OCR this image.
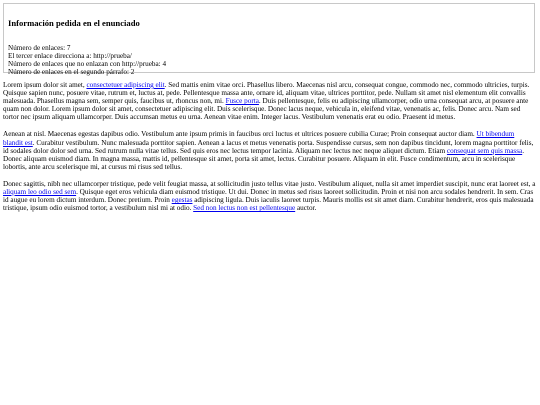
Información pedida en el enunciado
Número de enlaces: 7
El tercer enlace direcciona a: http://prueba/
Número de enlaces que no enlazan con http://prueba: 4
Número de enlaces en el segundo párrafo: 2

Lorem ipsum dolor sit amet, consectetuer adipiscing elit. Sed mattis enim vitae orci. Phasellus libero. Maecenas nisl arcu, consequat congue, commodo nec, commodo ultricies, turpis. Quisque sapien nunc, posuere vitae, rutrum et, luctus at, pede. Pellentesque massa ante, ornare id, aliquam vitae, ultrices porttitor, pede. Nullam sit amet nisl elementum elit convallis malesuada. Phasellus magna sem, semper quis, faucibus ut, rhoncus non, mi. Fusce porta. Duis pellentesque, felis eu adipiscing ullamcorper, odio urna consequat arcu, at posuere ante quam non dolor. Lorem ipsum dolor sit amet, consectetuer adipiscing elit. Duis scelerisque. Donec lacus neque, vehicula in, eleifend vitae, venenatis ac, felis. Donec arcu. Nam sed tortor nec ipsum aliquam ullamcorper. Duis accumsan metus eu urna. Aenean vitae enim. Integer lacus. Vestibulum venenatis erat eu odio. Praesent id metus.

Aenean at nisl. Maecenas egestas dapibus odio. Vestibulum ante ipsum primis in faucibus orci luctus et ultrices posuere cubilia Curae; Proin consequat auctor diam. Ut bibendum blandit est. Curabitur vestibulum. Nunc malesuada porttitor sapien. Aenean a lacus et metus venenatis porta. Suspendisse cursus, sem non dapibus tincidunt, lorem magna porttitor felis, id sodales dolor dolor sed urna. Sed rutrum nulla vitae tellus. Sed quis eros nec lectus tempor lacinia. Aliquam nec lectus nec neque aliquet dictum. Etiam consequat sem quis massa. Donec aliquam euismod diam. In magna massa, mattis id, pellentesque sit amet, porta sit amet, lectus. Curabitur posuere. Aliquam in elit. Fusce condimentum, arcu in scelerisque lobortis, ante arcu scelerisque mi, at cursus mi risus sed tellus.

Donec sagittis, nibh nec ullamcorper tristique, pede velit feugiat massa, at sollicitudin justo tellus vitae justo. Vestibulum aliquet, nulla sit amet imperdiet suscipit, nunc erat laoreet est, a aliquam leo odio sed sem. Quisque eget eros vehicula diam euismod tristique. Ut dui. Donec in metus sed risus laoreet sollicitudin. Proin et nisi non arcu sodales hendrerit. In sem. Cras id augue eu lorem dictum interdum. Donec pretium. Proin egestas adipiscing ligula. Duis iaculis laoreet turpis. Mauris mollis est sit amet diam. Curabitur hendrerit, eros quis malesuada tristique, ipsum odio euismod tortor, a vestibulum nisl mi at odio. Sed non lectus non est pellentesque auctor.
